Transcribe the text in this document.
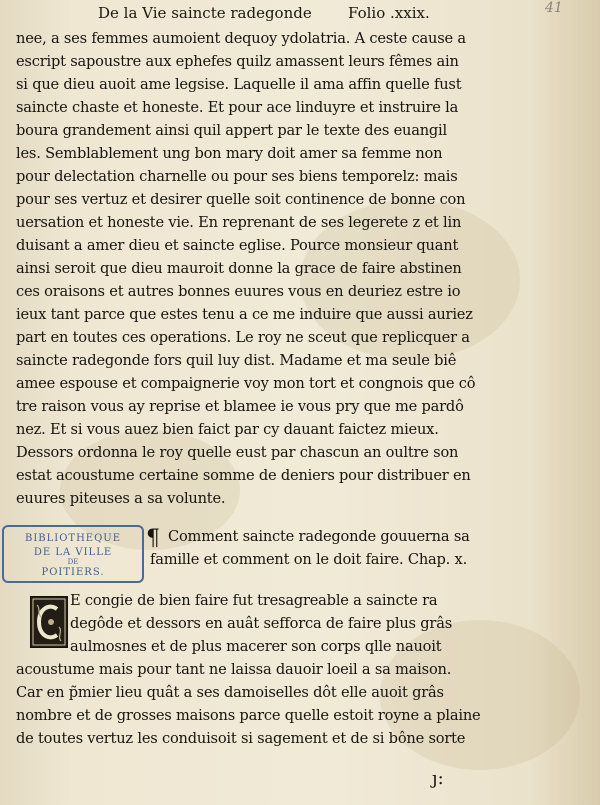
De la Vie saincte radegonde Folio .xxix.	41
nee, a ses femmes aumoient dequoy ydolatria. A ceste cause a
escript sapoustre aux ephefes quilz amassent leurs fêmes ain
si que dieu auoit ame legsise. Laquelle il ama affin quelle fust
saincte chaste et honeste. Et pour ace linduyre et instruire la
boura grandement ainsi quil appert par le texte des euangil
les. Semblablement ung bon mary doit amer sa femme non
pour delectation charnelle ou pour ses biens temporelz: mais
pour ses vertuz et desirer quelle soit continence de bonne con
uersation et honeste vie. En reprenant de ses legerete z et lin
duisant a amer dieu et saincte eglise. Pource monsieur quant
ainsi seroit que dieu mauroit donne la grace de faire abstinen
ces oraisons et autres bonnes euures vous en deuriez estre io
ieux tant parce que estes tenu a ce me induire que aussi auriez
part en toutes ces operations. Le roy ne sceut que replicquer a
saincte radegonde fors quil luy dist. Madame et ma seule biê
amee espouse et compaignerie voy mon tort et congnois que cô
tre raison vous ay reprise et blamee ie vous pry que me pardô
nez. Et si vous auez bien faict par cy dauant faictez mieux.
Dessors ordonna le roy quelle eust par chascun an oultre son
estat acoustume certaine somme de deniers pour distribuer en
euures piteuses a sa volunte.
BIBLIOTHEQUE
DE LA VILLE
DE
POITIERS.
¶ Comment saincte radegonde gouuerna sa
famille et comment on le doit faire. Chap. x.
E congie de bien faire fut tresagreable a saincte ra
degôde et dessors en auât sefforca de faire plus grâs
aulmosnes et de plus macerer son corps qlle nauoit
acoustume mais pour tant ne laissa dauoir loeil a sa maison.
Car en p̃mier lieu quât a ses damoiselles dôt elle auoit grâs
nombre et de grosses maisons parce quelle estoit royne a plaine
de toutes vertuz les conduisoit si sagement et de si bône sorte
ȷ:
